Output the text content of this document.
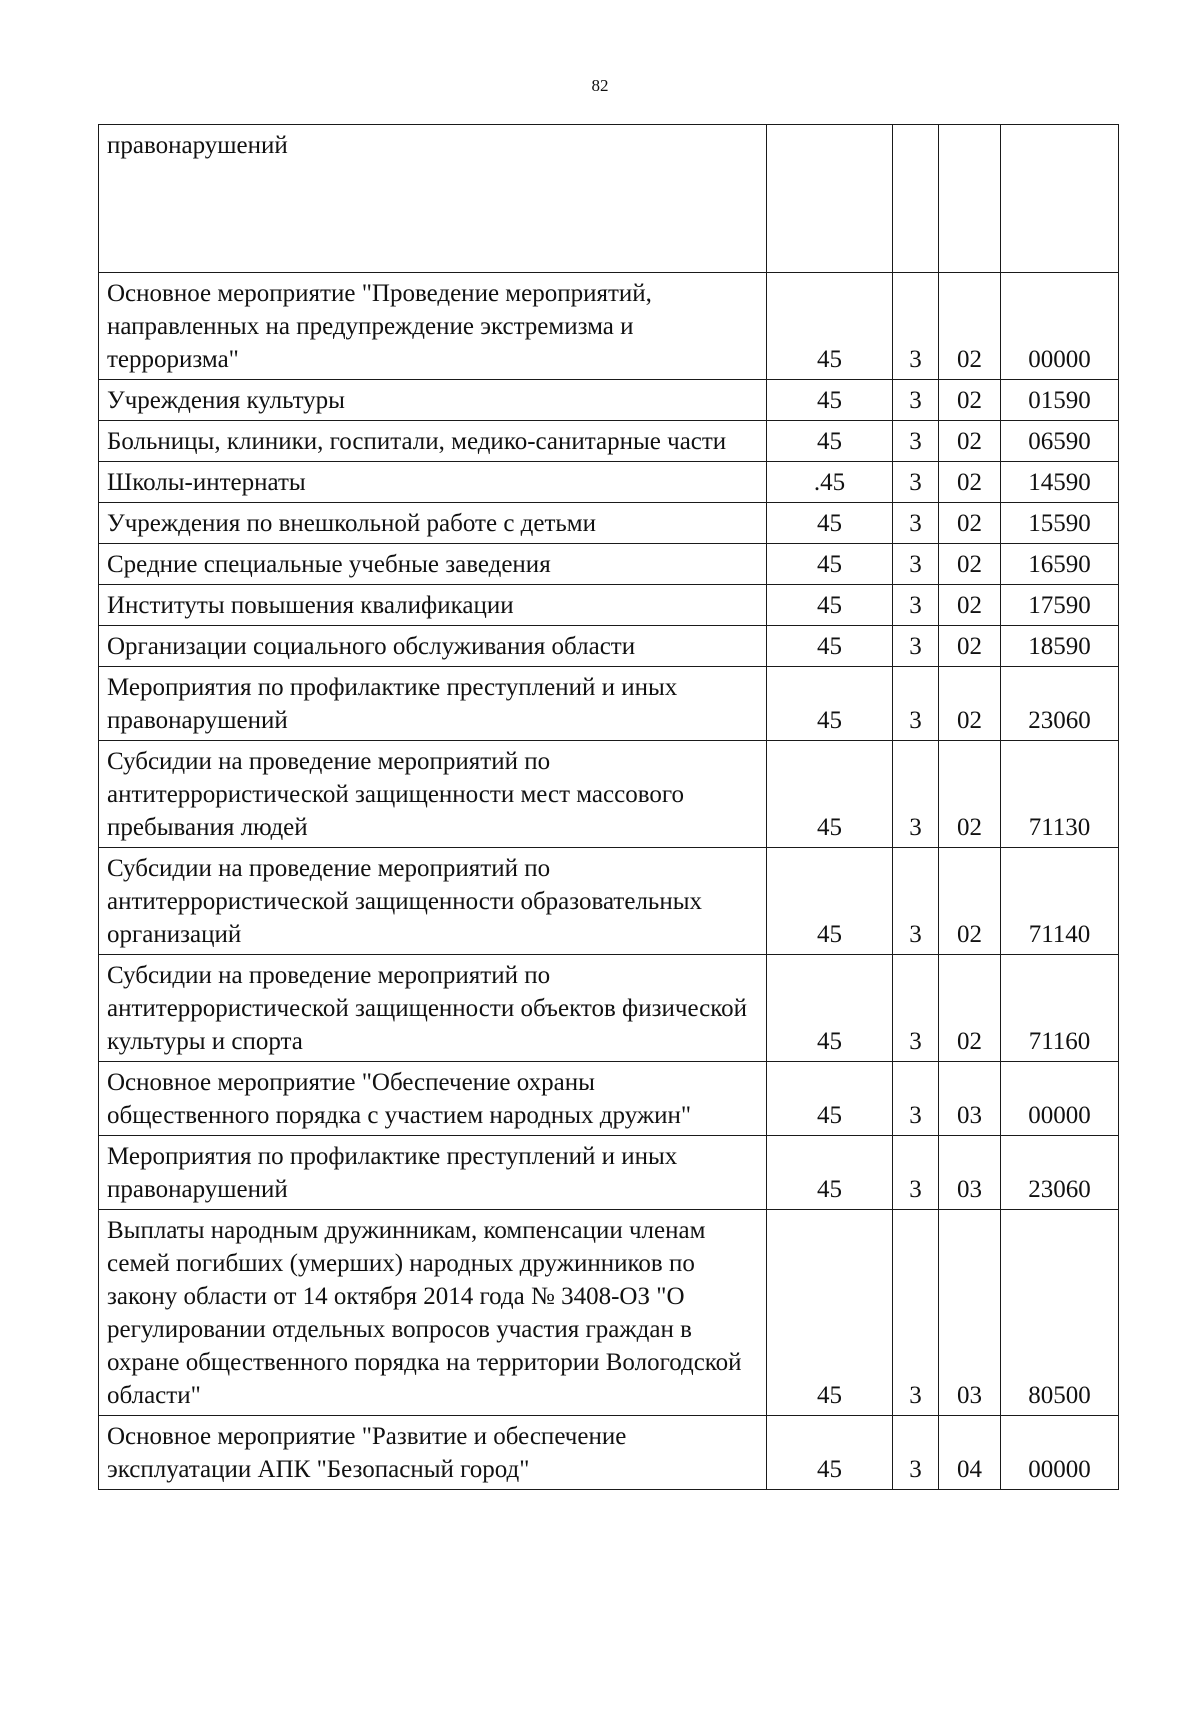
82
правонарушений				
Основное мероприятие "Проведение мероприятий, направленных на предупреждение экстремизма и терроризма"	45	3	02	00000
Учреждения культуры	45	3	02	01590
Больницы, клиники, госпитали, медико-санитарные части	45	3	02	06590
Школы-интернаты	.45	3	02	14590
Учреждения по внешкольной работе с детьми	45	3	02	15590
Средние специальные учебные заведения	45	3	02	16590
Институты повышения квалификации	45	3	02	17590
Организации социального обслуживания области	45	3	02	18590
Мероприятия по профилактике преступлений и иных правонарушений	45	3	02	23060
Субсидии на проведение мероприятий по антитеррористической защищенности мест массового пребывания людей	45	3	02	71130
Субсидии на проведение мероприятий по антитеррористической защищенности образовательных организаций	45	3	02	71140
Субсидии на проведение мероприятий по антитеррористической защищенности объектов физической культуры и спорта	45	3	02	71160
Основное мероприятие "Обеспечение охраны общественного порядка с участием народных дружин"	45	3	03	00000
Мероприятия по профилактике преступлений и иных правонарушений	45	3	03	23060
Выплаты народным дружинникам, компенсации членам семей погибших (умерших) народных дружинников по закону области от 14 октября 2014 года № 3408-ОЗ "О регулировании отдельных вопросов участия граждан в охране общественного порядка на территории Вологодской области"	45	3	03	80500
Основное мероприятие "Развитие и обеспечение эксплуатации АПК "Безопасный город"	45	3	04	00000
